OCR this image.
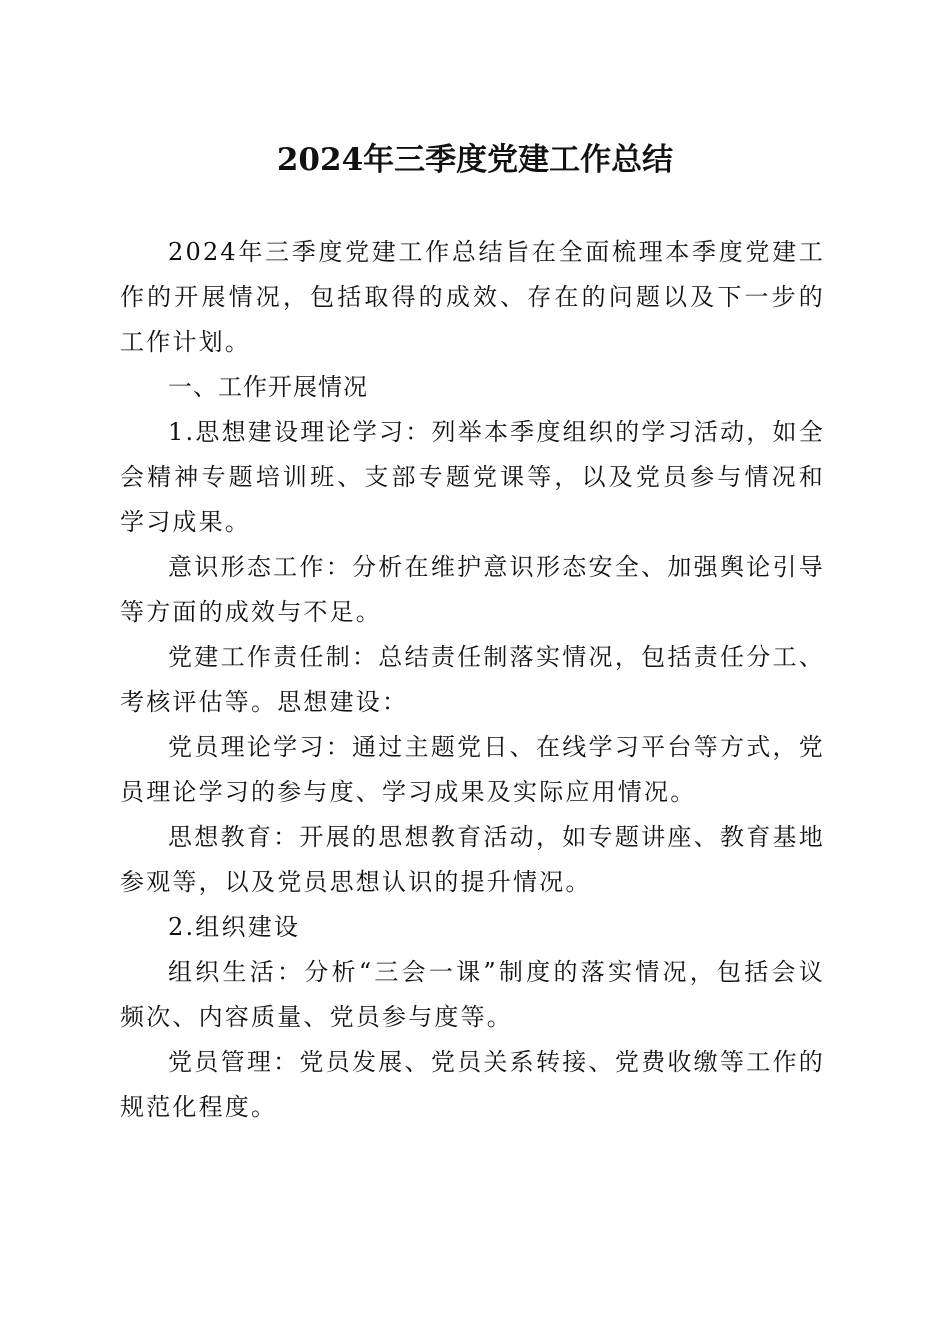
2024年三季度党建工作总结

2024年三季度党建工作总结旨在全面梳理本季度党建工作的开展情况，包括取得的成效、存在的问题以及下一步的工作计划。

一、工作开展情况

1.思想建设理论学习：列举本季度组织的学习活动，如全会精神专题培训班、支部专题党课等，以及党员参与情况和学习成果。

意识形态工作：分析在维护意识形态安全、加强舆论引导等方面的成效与不足。

党建工作责任制：总结责任制落实情况，包括责任分工、考核评估等。思想建设：

党员理论学习：通过主题党日、在线学习平台等方式，党员理论学习的参与度、学习成果及实际应用情况。

思想教育：开展的思想教育活动，如专题讲座、教育基地参观等，以及党员思想认识的提升情况。

2.组织建设

组织生活：分析“三会一课”制度的落实情况，包括会议频次、内容质量、党员参与度等。

党员管理：党员发展、党员关系转接、党费收缴等工作的规范化程度。
